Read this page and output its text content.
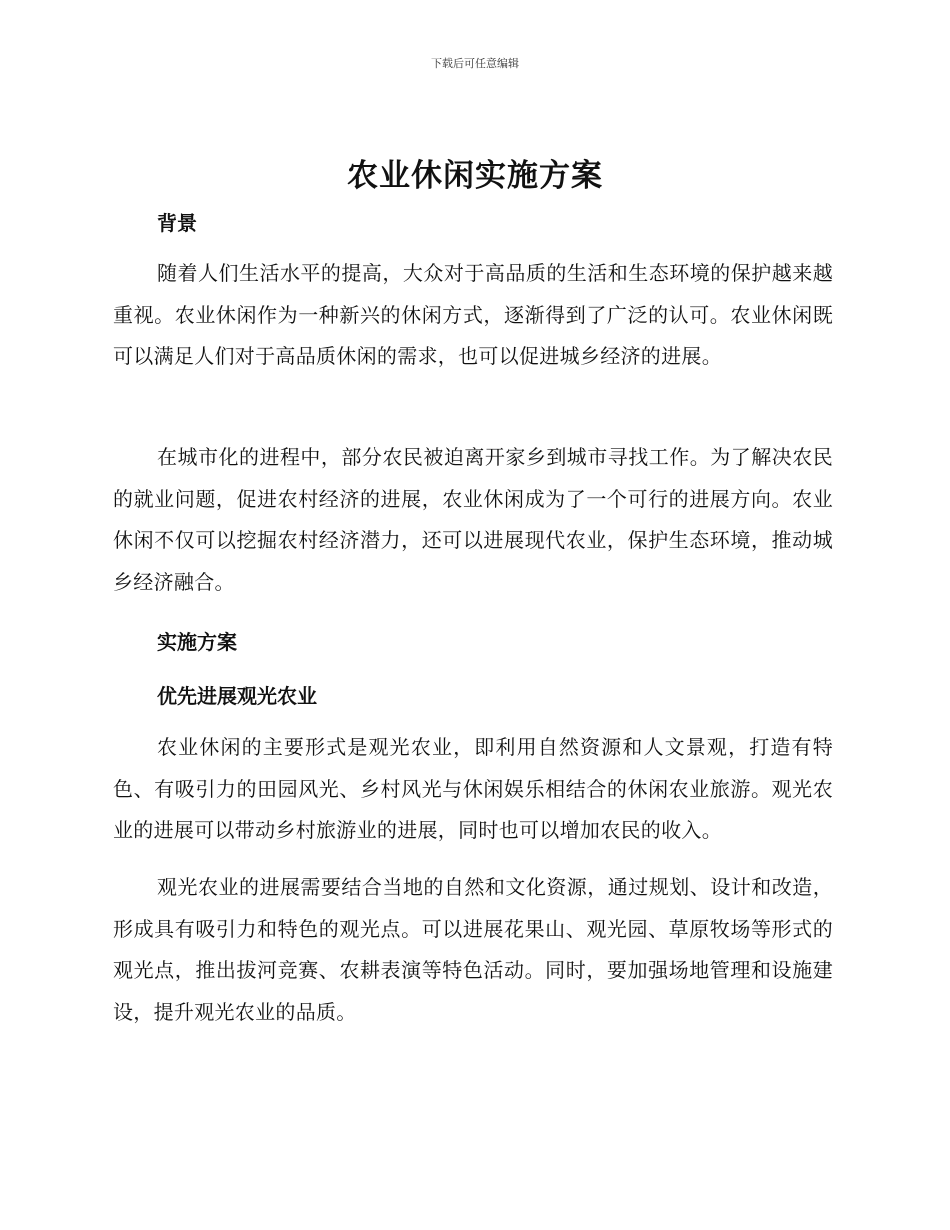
下载后可任意编辑
农业休闲实施方案
背景

随着人们生活水平的提高，大众对于高品质的生活和生态环境的保护越来越重视。农业休闲作为一种新兴的休闲方式，逐渐得到了广泛的认可。农业休闲既可以满足人们对于高品质休闲的需求，也可以促进城乡经济的进展。

在城市化的进程中，部分农民被迫离开家乡到城市寻找工作。为了解决农民的就业问题，促进农村经济的进展，农业休闲成为了一个可行的进展方向。农业休闲不仅可以挖掘农村经济潜力，还可以进展现代农业，保护生态环境，推动城乡经济融合。

实施方案
优先进展观光农业

农业休闲的主要形式是观光农业，即利用自然资源和人文景观，打造有特色、有吸引力的田园风光、乡村风光与休闲娱乐相结合的休闲农业旅游。观光农业的进展可以带动乡村旅游业的进展，同时也可以增加农民的收入。

观光农业的进展需要结合当地的自然和文化资源，通过规划、设计和改造，形成具有吸引力和特色的观光点。可以进展花果山、观光园、草原牧场等形式的观光点，推出拔河竞赛、农耕表演等特色活动。同时，要加强场地管理和设施建设，提升观光农业的品质。
